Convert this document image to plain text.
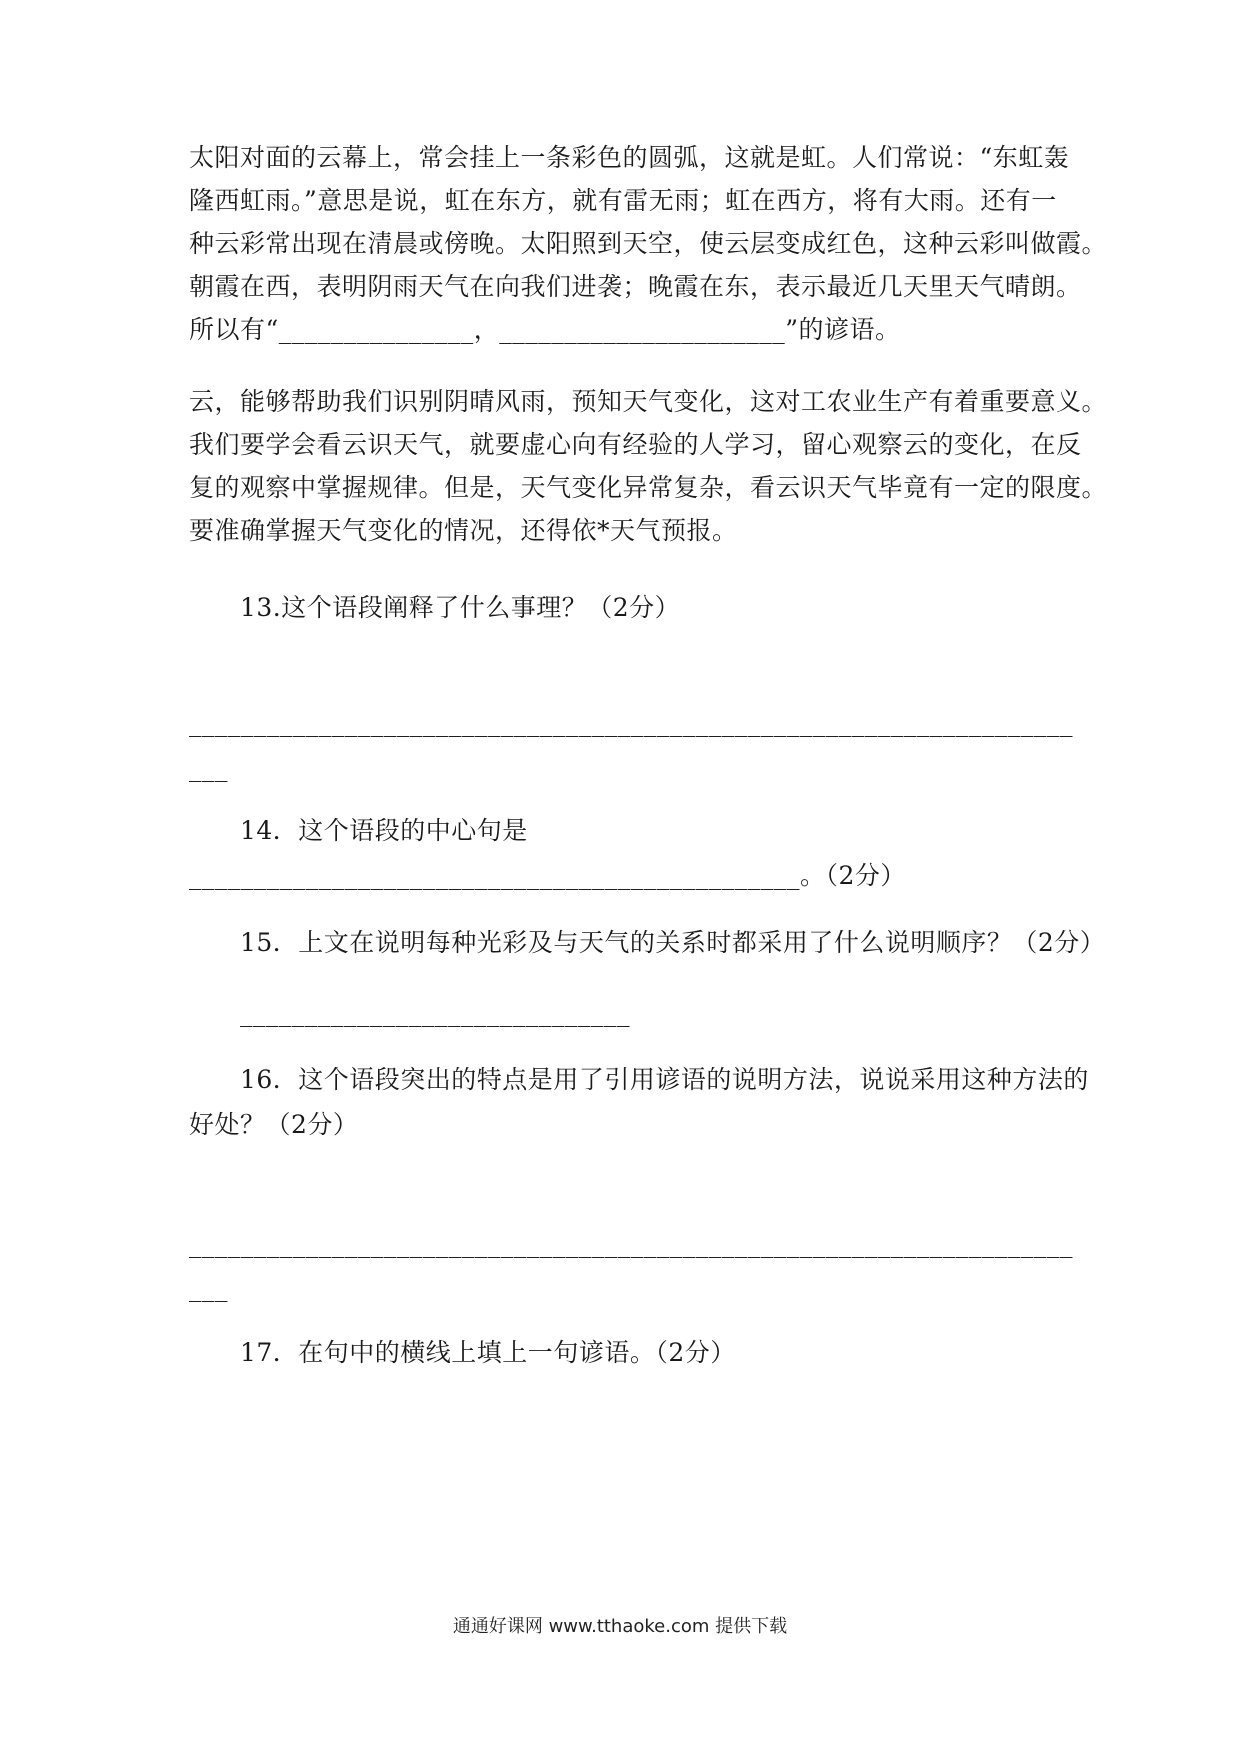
太阳对面的云幕上，常会挂上一条彩色的圆弧，这就是虹。人们常说：“东虹轰
隆西虹雨。”意思是说，虹在东方，就有雷无雨；虹在西方，将有大雨。还有一
种云彩常出现在清晨或傍晚。太阳照到天空，使云层变成红色，这种云彩叫做霞。
朝霞在西，表明阴雨天气在向我们进袭；晚霞在东，表示最近几天里天气晴朗。
所以有“_______________，______________________”的谚语。
云，能够帮助我们识别阴晴风雨，预知天气变化，这对工农业生产有着重要意义。
我们要学会看云识天气，就要虚心向有经验的人学习，留心观察云的变化，在反
复的观察中掌握规律。但是，天气变化异常复杂，看云识天气毕竟有一定的限度。
要准确掌握天气变化的情况，还得依*天气预报。
13.这个语段阐释了什么事理？（2分）
____________________________________________________________________
___
14．这个语段的中心句是
_______________________________________________。（2分）
15．上文在说明每种光彩及与天气的关系时都采用了什么说明顺序？（2分）
______________________________
16．这个语段突出的特点是用了引用谚语的说明方法，说说采用这种方法的
好处？（2分）
____________________________________________________________________
___
17．在句中的横线上填上一句谚语。（2分）
通通好课网 www.tthaoke.com 提供下载
